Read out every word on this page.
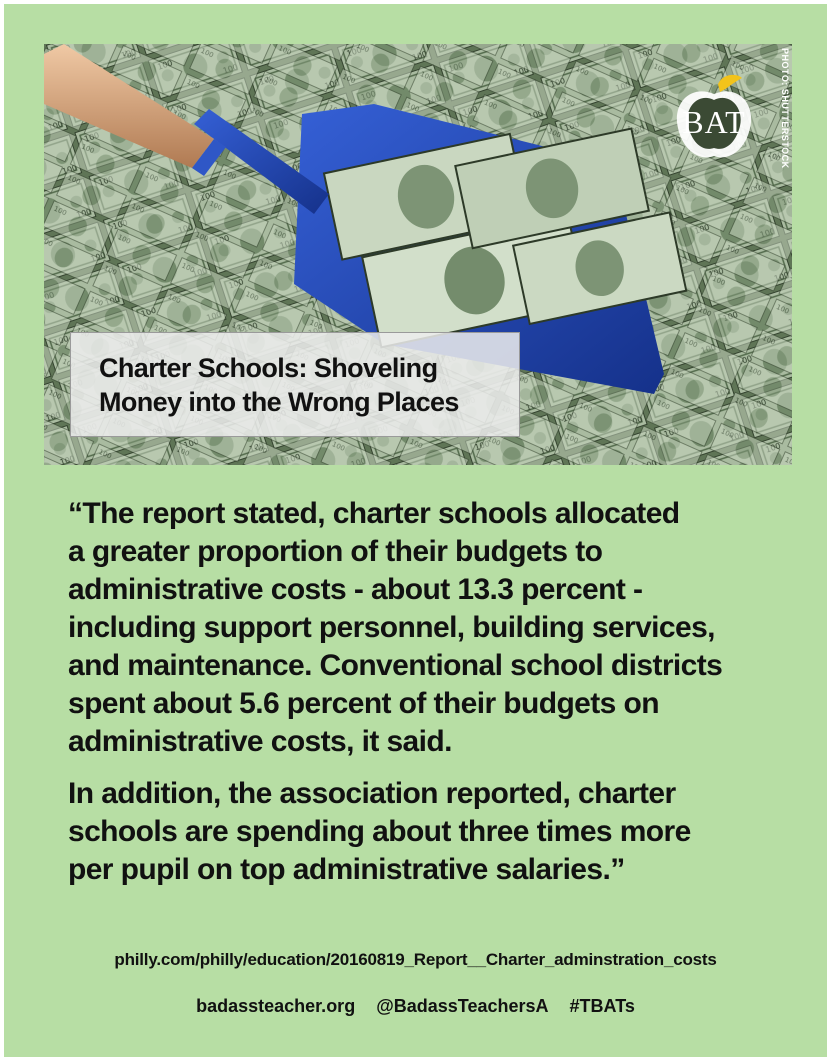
PHOTO: SHUTTERSTOCK
BAT
Charter Schools: Shoveling
Money into the Wrong Places
“The report stated, charter schools allocated
a greater proportion of their budgets to
administrative costs - about 13.3 percent -
including support personnel, building services,
and maintenance. Conventional school districts
spent about 5.6 percent of their budgets on
administrative costs, it said.
In addition, the association reported, charter
schools are spending about three times more
per pupil on top administrative salaries.”
philly.com/philly/education/20160819_Report__Charter_adminstration_costs
badassteacher.org @BadassTeachersA #TBATs
